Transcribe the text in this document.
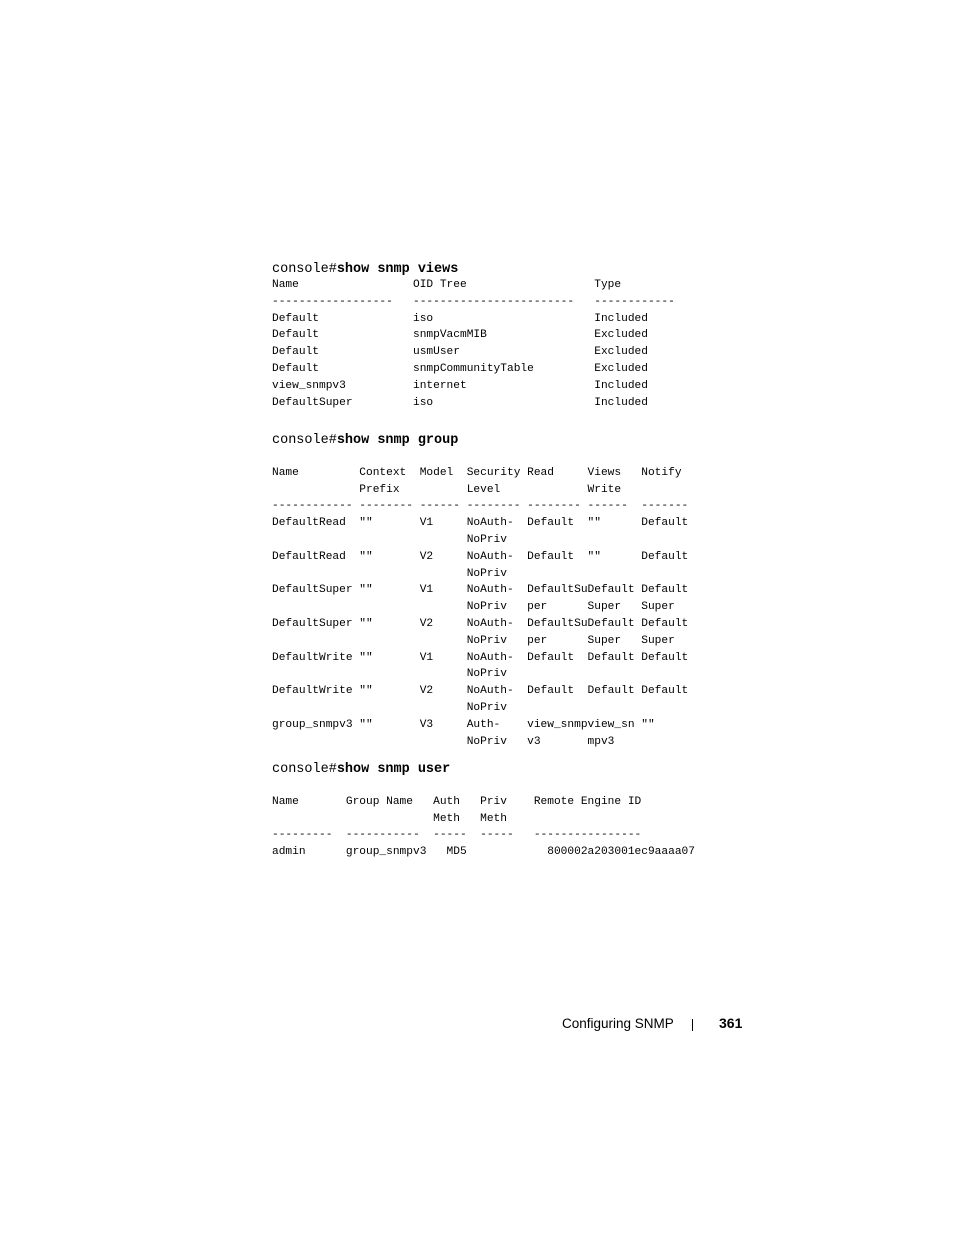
console#show snmp views
Name                 OID Tree                   Type
------------------   ------------------------   ------------
Default              iso                        Included
Default              snmpVacmMIB                Excluded
Default              usmUser                    Excluded
Default              snmpCommunityTable         Excluded
view_snmpv3          internet                   Included
DefaultSuper         iso                        Included
console#show snmp group
Name         Context  Model  Security Read     Views   Notify
Prefix          Level             Write
------------ -------- ------ -------- -------- ------  -------
DefaultRead  ""       V1     NoAuth-  Default  ""      Default
NoPriv
DefaultRead  ""       V2     NoAuth-  Default  ""      Default
NoPriv
DefaultSuper ""       V1     NoAuth-  DefaultSuDefault Default
NoPriv   per      Super   Super
DefaultSuper ""       V2     NoAuth-  DefaultSuDefault Default
NoPriv   per      Super   Super
DefaultWrite ""       V1     NoAuth-  Default  Default Default
NoPriv
DefaultWrite ""       V2     NoAuth-  Default  Default Default
NoPriv
group_snmpv3 ""       V3     Auth-    view_snmpview_sn ""
NoPriv   v3       mpv3
console#show snmp user
Name       Group Name   Auth   Priv    Remote Engine ID
Meth   Meth
---------  -----------  -----  -----   ----------------
admin      group_snmpv3   MD5            800002a203001ec9aaaa07
Configuring SNMP	361
